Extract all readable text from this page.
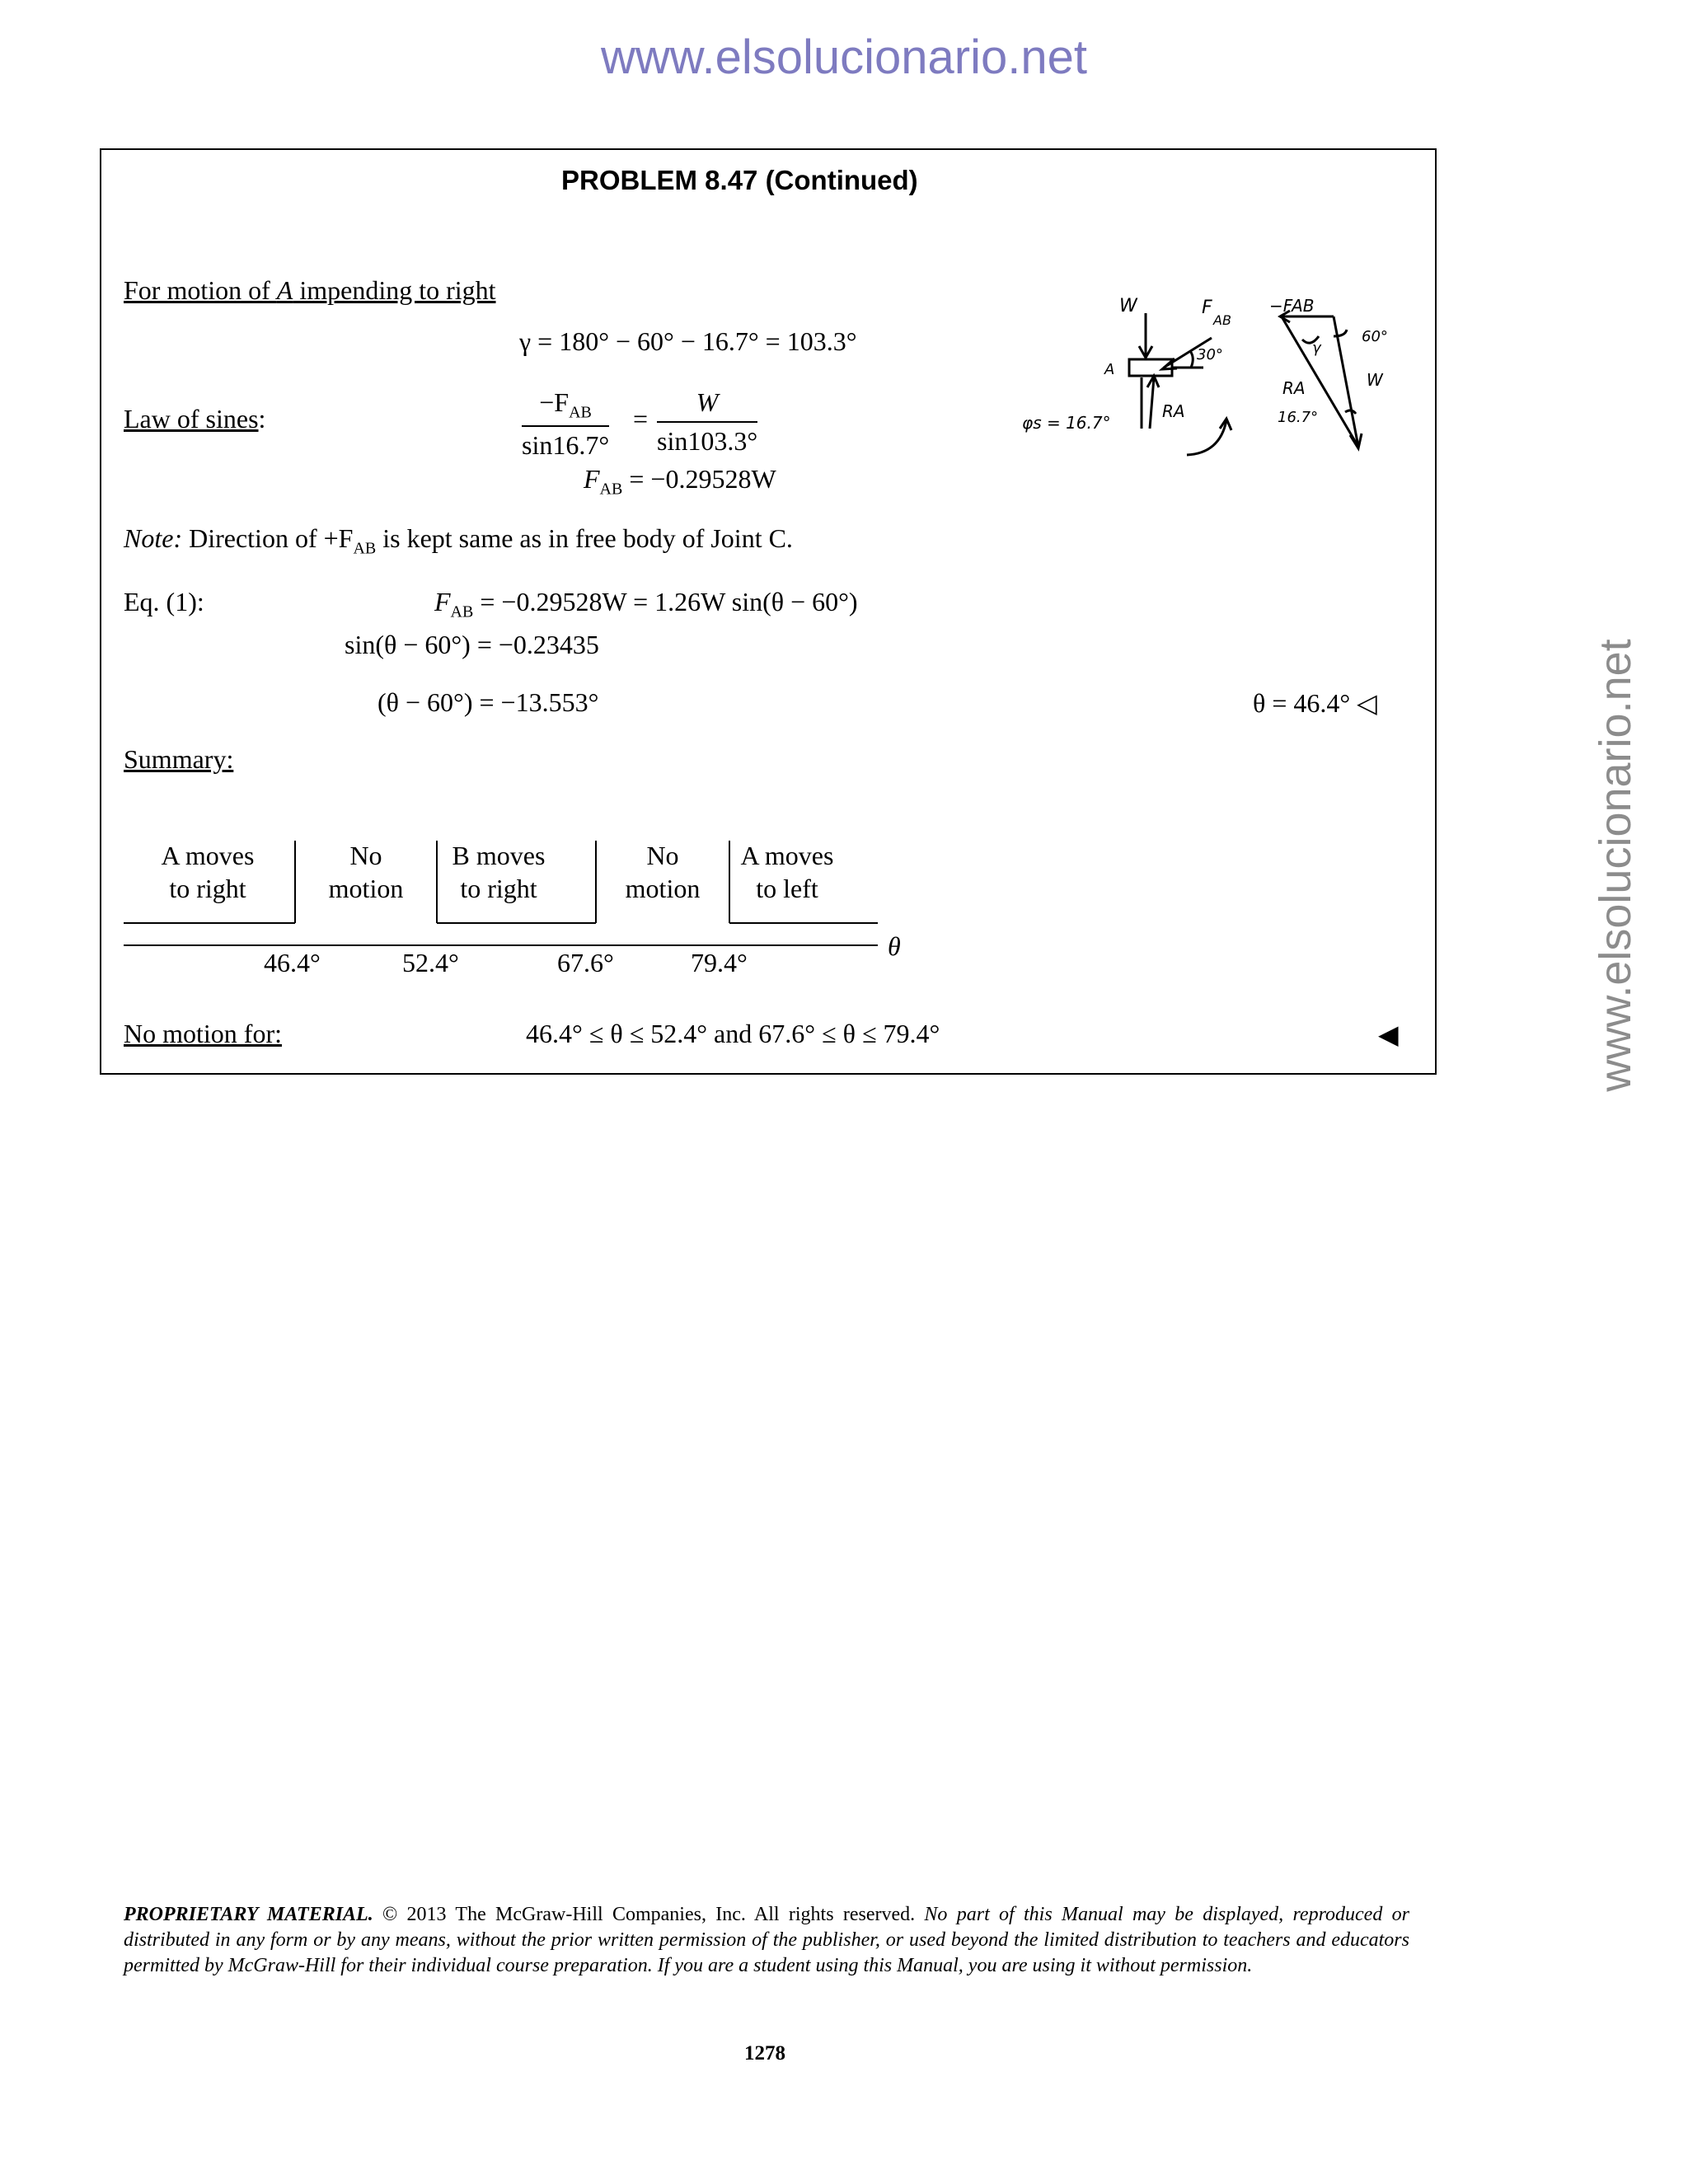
www.elsolucionario.net
www.elsolucionario.net
PROBLEM 8.47 (Continued)
For motion of A impending to right
γ = 180° − 60° − 16.7° = 103.3°
Law of sines:
$-F_{AB}$
sin16.7°
= $\frac{W}{\sin 103.3^\circ}$
$F_{AB} = -0.29528W$
Note: Direction of $+F_{AB}$ is kept same as in free body of Joint C.
Eq. (1):	$F_{AB} = -0.29528W = 1.26W$ sin(θ − 60°)
sin(θ − 60°) = −0.23435
(θ − 60°) = −13.553°	θ = 46.4° ◁
Summary:
A moves
to right
No
motion
B moves
to right
No
motion
A moves
to left
46.4°	52.4°	67.6°	79.4°
θ
No motion for:	46.4° ≤ θ ≤ 52.4° and 67.6° ≤ θ ≤ 79.4°	◀
W	F
AB
A
30°
φs = 16.7°
RA
−FAB
60°
γ
W
RA
16.7°
PROPRIETARY MATERIAL. © 2013 The McGraw-Hill Companies, Inc. All rights reserved. No part of this Manual may be displayed, reproduced or distributed in any form or by any means, without the prior written permission of the publisher, or used beyond the limited distribution to teachers and educators permitted by McGraw-Hill for their individual course preparation. If you are a student using this Manual, you are using it without permission.
1278
